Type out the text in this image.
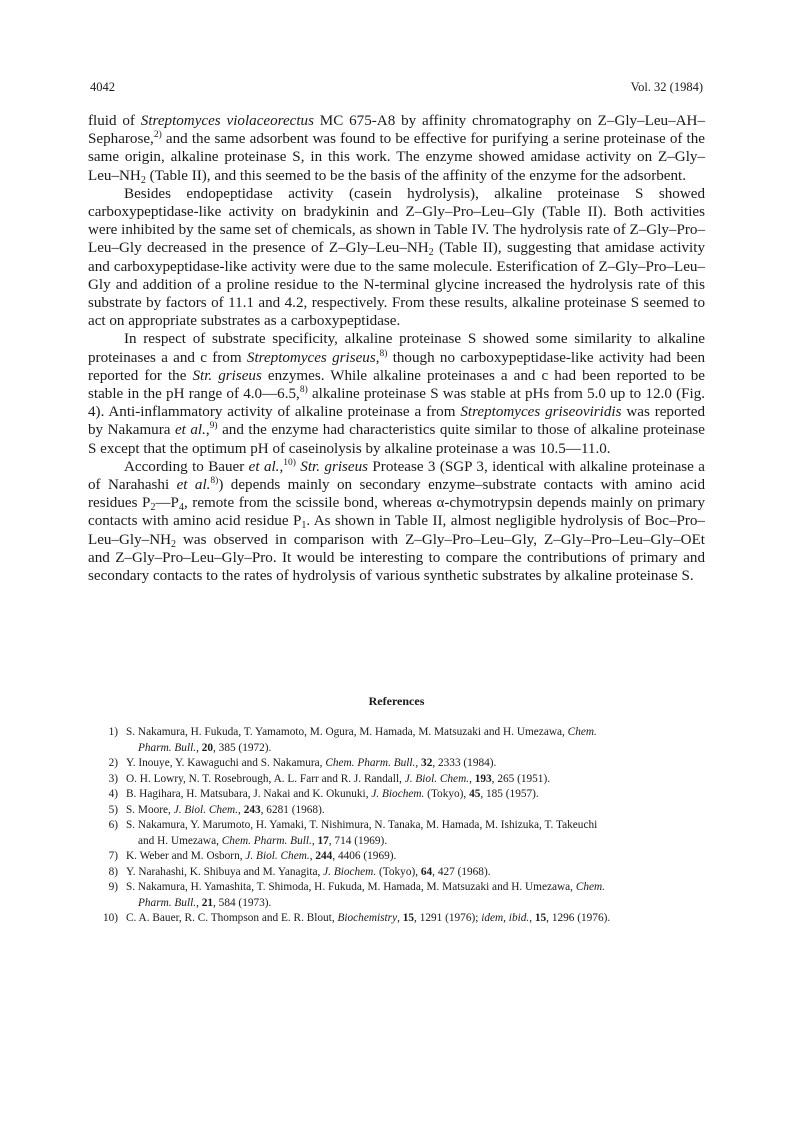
4042	Vol. 32 (1984)

fluid of Streptomyces violaceorectus MC 675-A8 by affinity chromatography on Z–Gly–Leu–AH–Sepharose,$^{2)}$ and the same adsorbent was found to be effective for purifying a serine proteinase of the same origin, alkaline proteinase S, in this work. The enzyme showed amidase activity on $Z-Gly-Leu-NH_2$ (Table II), and this seemed to be the basis of the affinity of the enzyme for the adsorbent.

Besides endopeptidase activity (casein hydrolysis), alkaline proteinase S showed carboxypeptidase-like activity on bradykinin and Z–Gly–Pro–Leu–Gly (Table II). Both activities were inhibited by the same set of chemicals, as shown in Table IV. The hydrolysis rate of Z–Gly–Pro–Leu–Gly decreased in the presence of $Z-Gly-Leu-NH_2$ (Table II), suggesting that amidase activity and carboxypeptidase-like activity were due to the same molecule. Esterification of Z–Gly–Pro–Leu–Gly and addition of a proline residue to the N-terminal glycine increased the hydrolysis rate of this substrate by factors of 11.1 and 4.2, respectively. From these results, alkaline proteinase S seemed to act on appropriate substrates as a carboxypeptidase.

In respect of substrate specificity, alkaline proteinase S showed some similarity to alkaline proteinases a and c from Streptomyces griseus,$^{8)}$ though no carboxypeptidase-like activity had been reported for the Str. griseus enzymes. While alkaline proteinases a and c had been reported to be stable in the pH range of 4.0—6.5,$^{8)}$ alkaline proteinase S was stable at pHs from 5.0 up to 12.0 (Fig. 4). Anti-inflammatory activity of alkaline proteinase a from Streptomyces griseoviridis was reported by Nakamura et al.,$^{9)}$ and the enzyme had characteristics quite similar to those of alkaline proteinase S except that the optimum pH of caseinolysis by alkaline proteinase a was 10.5—11.0.

According to Bauer et al.,$^{10)}$ Str. griseus Protease 3 (SGP 3, identical with alkaline proteinase a of Narahashi et al.$^{8)}$) depends mainly on secondary enzyme–substrate contacts with amino acid residues $P_2—P_4$, remote from the scissile bond, whereas α-chymotrypsin depends mainly on primary contacts with amino acid residue $P_1$. As shown in Table II, almost negligible hydrolysis of Boc–$Pro-Leu-Gly-NH_2$ was observed in comparison with Z–Gly–Pro–Leu–Gly, Z–Gly–Pro–Leu–Gly–OEt and Z–Gly–Pro–Leu–Gly–Pro. It would be interesting to compare the contributions of primary and secondary contacts to the rates of hydrolysis of various synthetic substrates by alkaline proteinase S.

References
1) S. Nakamura, H. Fukuda, T. Yamamoto, M. Ogura, M. Hamada, M. Matsuzaki and H. Umezawa, Chem.
Pharm. Bull., 20, 385 (1972).
2) Y. Inouye, Y. Kawaguchi and S. Nakamura, Chem. Pharm. Bull., 32, 2333 (1984).
3) O. H. Lowry, N. T. Rosebrough, A. L. Farr and R. J. Randall, J. Biol. Chem., 193, 265 (1951).
4) B. Hagihara, H. Matsubara, J. Nakai and K. Okunuki, J. Biochem. (Tokyo), 45, 185 (1957).
5) S. Moore, J. Biol. Chem., 243, 6281 (1968).
6) S. Nakamura, Y. Marumoto, H. Yamaki, T. Nishimura, N. Tanaka, M. Hamada, M. Ishizuka, T. Takeuchi
and H. Umezawa, Chem. Pharm. Bull., 17, 714 (1969).
7) K. Weber and M. Osborn, J. Biol. Chem., 244, 4406 (1969).
8) Y. Narahashi, K. Shibuya and M. Yanagita, J. Biochem. (Tokyo), 64, 427 (1968).
9) S. Nakamura, H. Yamashita, T. Shimoda, H. Fukuda, M. Hamada, M. Matsuzaki and H. Umezawa, Chem.
Pharm. Bull., 21, 584 (1973).
10) C. A. Bauer, R. C. Thompson and E. R. Blout, Biochemistry, 15, 1291 (1976); idem, ibid., 15, 1296 (1976).
